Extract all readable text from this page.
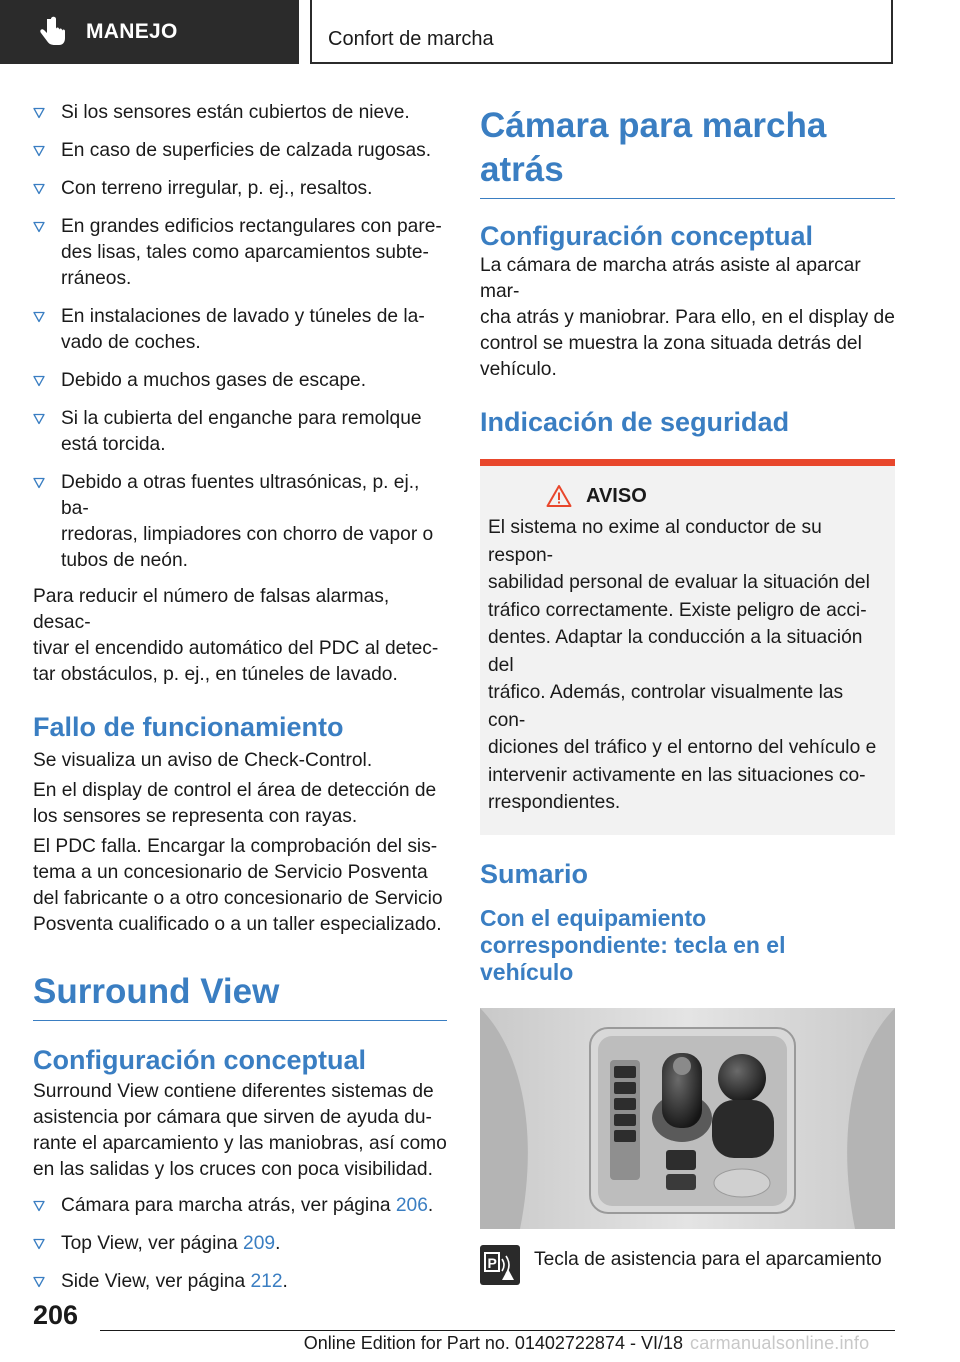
MANEJO	Confort de marcha
Si los sensores están cubiertos de nieve.
En caso de superficies de calzada rugosas.
Con terreno irregular, p. ej., resaltos.
En grandes edificios rectangulares con pare-
des lisas, tales como aparcamientos subte-
rráneos.
En instalaciones de lavado y túneles de la-
vado de coches.
Debido a muchos gases de escape.
Si la cubierta del enganche para remolque
está torcida.
Debido a otras fuentes ultrasónicas, p. ej., ba-
rredoras, limpiadores con chorro de vapor o
tubos de neón.

Para reducir el número de falsas alarmas, desac-
tivar el encendido automático del PDC al detec-
tar obstáculos, p. ej., en túneles de lavado.

Fallo de funcionamiento

Se visualiza un aviso de Check-Control.

En el display de control el área de detección de
los sensores se representa con rayas.

El PDC falla. Encargar la comprobación del sis-
tema a un concesionario de Servicio Posventa
del fabricante o a otro concesionario de Servicio
Posventa cualificado o a un taller especializado.

Surround View
Configuración conceptual

Surround View contiene diferentes sistemas de
asistencia por cámara que sirven de ayuda du-
rante el aparcamiento y las maniobras, así como
en las salidas y los cruces con poca visibilidad.

Cámara para marcha atrás, ver página 206.
Top View, ver página 209.
Side View, ver página 212.
Cámara para marcha atrás
Configuración conceptual

La cámara de marcha atrás asiste al aparcar mar-
cha atrás y maniobrar. Para ello, en el display de
control se muestra la zona situada detrás del
vehículo.

Indicación de seguridad
AVISO

El sistema no exime al conductor de su respon-
sabilidad personal de evaluar la situación del
tráfico correctamente. Existe peligro de acci-
dentes. Adaptar la conducción a la situación del
tráfico. Además, controlar visualmente las con-
diciones del tráfico y el entorno del vehículo e
intervenir activamente en las situaciones co-
rrespondientes.

Sumario
Con el equipamiento
correspondiente: tecla en el
vehículo
P Tecla de asistencia para el aparcamiento

206
Online Edition for Part no. 01402722874 - VI/18 carmanualsonline.info
